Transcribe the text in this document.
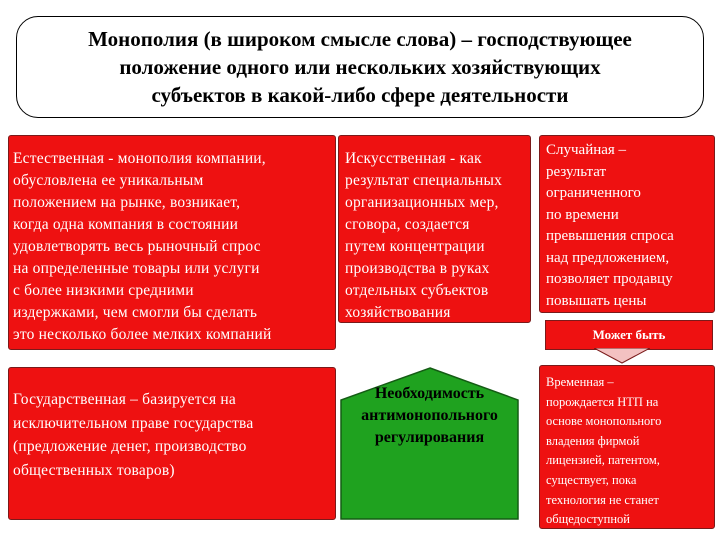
Монополия (в широком смысле слова) – господствующее
положение одного или нескольких хозяйствующих
субъектов в какой-либо сфере деятельности
Естественная - монополия компании,
обусловлена ее уникальным
положением на рынке, возникает,
когда одна компания в состоянии
удовлетворять весь рыночный спрос
на определенные товары или услуги
с более низкими средними
издержками, чем смогли бы сделать
это несколько более мелких компаний
Искусственная - как
результат специальных
организационных мер,
сговора, создается
путем концентрации
производства в руках
отдельных субъектов
хозяйствования
Случайная –
результат
ограниченного
по времени
превышения спроса
над предложением,
позволяет продавцу
повышать цены
Может быть
Государственная – базируется на
исключительном праве государства
(предложение денег, производство
общественных товаров)
Необходимость
антимонопольного
регулирования
Временная –
порождается НТП на
основе монопольного
владения фирмой
лицензией, патентом,
существует, пока
технология не станет
общедоступной
